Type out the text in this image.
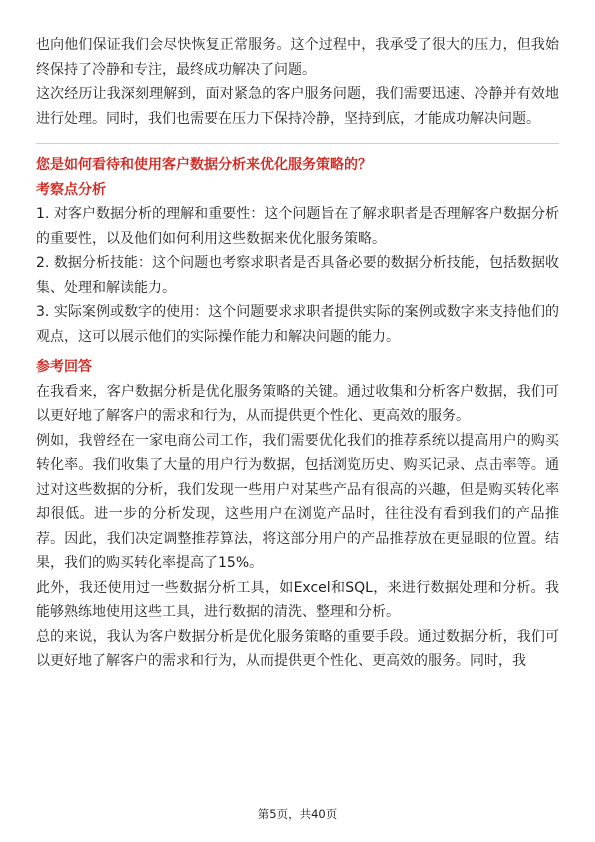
也向他们保证我们会尽快恢复正常服务。这个过程中，我承受了很大的压力，但我始终保持了冷静和专注，最终成功解决了问题。

这次经历让我深刻理解到，面对紧急的客户服务问题，我们需要迅速、冷静并有效地进行处理。同时，我们也需要在压力下保持冷静，坚持到底，才能成功解决问题。

您是如何看待和使用客户数据分析来优化服务策略的？

考察点分析

1. 对客户数据分析的理解和重要性：这个问题旨在了解求职者是否理解客户数据分析的重要性，以及他们如何利用这些数据来优化服务策略。

2. 数据分析技能：这个问题也考察求职者是否具备必要的数据分析技能，包括数据收集、处理和解读能力。

3. 实际案例或数字的使用：这个问题要求求职者提供实际的案例或数字来支持他们的观点，这可以展示他们的实际操作能力和解决问题的能力。

参考回答

在我看来，客户数据分析是优化服务策略的关键。通过收集和分析客户数据，我们可以更好地了解客户的需求和行为，从而提供更个性化、更高效的服务。

例如，我曾经在一家电商公司工作，我们需要优化我们的推荐系统以提高用户的购买转化率。我们收集了大量的用户行为数据，包括浏览历史、购买记录、点击率等。通过对这些数据的分析，我们发现一些用户对某些产品有很高的兴趣，但是购买转化率却很低。进一步的分析发现，这些用户在浏览产品时，往往没有看到我们的产品推荐。因此，我们决定调整推荐算法，将这部分用户的产品推荐放在更显眼的位置。结果，我们的购买转化率提高了15%。

此外，我还使用过一些数据分析工具，如Excel和SQL，来进行数据处理和分析。我能够熟练地使用这些工具，进行数据的清洗、整理和分析。

总的来说，我认为客户数据分析是优化服务策略的重要手段。通过数据分析，我们可以更好地了解客户的需求和行为，从而提供更个性化、更高效的服务。同时，我

第5页，共40页
